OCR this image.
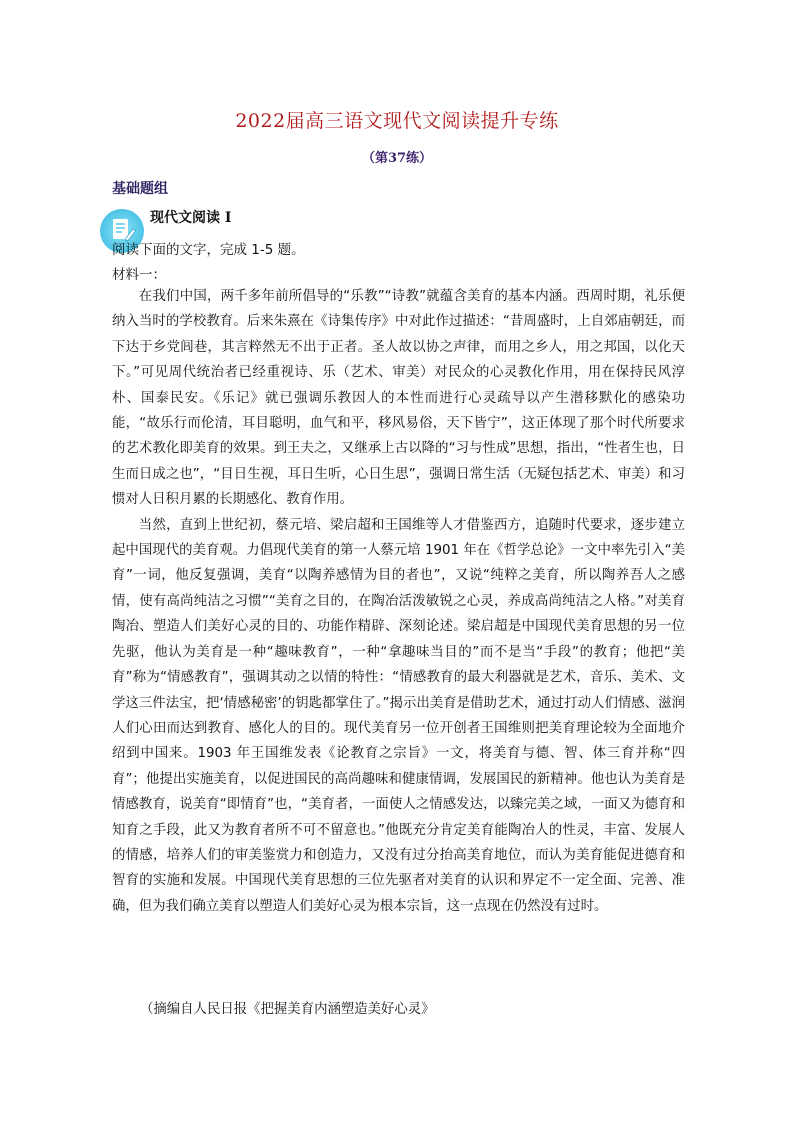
2022届高三语文现代文阅读提升专练
（第37练）
基础题组
现代文阅读 I
阅读下面的文字，完成 1-5 题。
材料一：

在我们中国，两千多年前所倡导的“乐教”“诗教”就蕴含美育的基本内涵。西周时期，礼乐便纳入当时的学校教育。后来朱熹在《诗集传序》中对此作过描述：“昔周盛时，上自郊庙朝廷，而下达于乡党闾巷，其言粹然无不出于正者。圣人故以协之声律，而用之乡人，用之邦国，以化天下。”可见周代统治者已经重视诗、乐（艺术、审美）对民众的心灵教化作用，用在保持民风淳朴、国泰民安。《乐记》就已强调乐教因人的本性而进行心灵疏导以产生潜移默化的感染功能，“故乐行而伦清，耳目聪明，血气和平，移风易俗，天下皆宁”，这正体现了那个时代所要求的艺术教化即美育的效果。到王夫之，又继承上古以降的“习与性成”思想，指出，“性者生也，日生而日成之也”，“目日生视，耳日生听，心日生思”，强调日常生活（无疑包括艺术、审美）和习惯对人日积月累的长期感化、教育作用。

当然，直到上世纪初，蔡元培、梁启超和王国维等人才借鉴西方，追随时代要求，逐步建立起中国现代的美育观。力倡现代美育的第一人蔡元培 1901 年在《哲学总论》一文中率先引入“美育”一词，他反复强调，美育“以陶养感情为目的者也”，又说“纯粹之美育，所以陶养吾人之感情，使有高尚纯洁之习惯”“美育之目的，在陶冶活泼敏锐之心灵，养成高尚纯洁之人格。”对美育陶冶、塑造人们美好心灵的目的、功能作精辟、深刻论述。梁启超是中国现代美育思想的另一位先驱，他认为美育是一种“趣味教育”，一种“拿趣味当目的”而不是当“手段”的教育；他把“美育”称为“情感教育”，强调其动之以情的特性：“情感教育的最大利器就是艺术，音乐、美术、文学这三件法宝，把‘情感秘密’的钥匙都掌住了。”揭示出美育是借助艺术，通过打动人们情感、滋润人们心田而达到教育、感化人的目的。现代美育另一位开创者王国维则把美育理论较为全面地介绍到中国来。1903 年王国维发表《论教育之宗旨》一文，将美育与德、智、体三育并称“四育”；他提出实施美育，以促进国民的高尚趣味和健康情调，发展国民的新精神。他也认为美育是情感教育，说美育“即情育”也，“美育者，一面使人之情感发达，以臻完美之域，一面又为德育和知育之手段，此又为教育者所不可不留意也。”他既充分肯定美育能陶冶人的性灵，丰富、发展人的情感，培养人们的审美鉴赏力和创造力，又没有过分抬高美育地位，而认为美育能促进德育和智育的实施和发展。中国现代美育思想的三位先驱者对美育的认识和界定不一定全面、完善、准确，但为我们确立美育以塑造人们美好心灵为根本宗旨，这一点现在仍然没有过时。

（摘编自人民日报《把握美育内涵塑造美好心灵》
